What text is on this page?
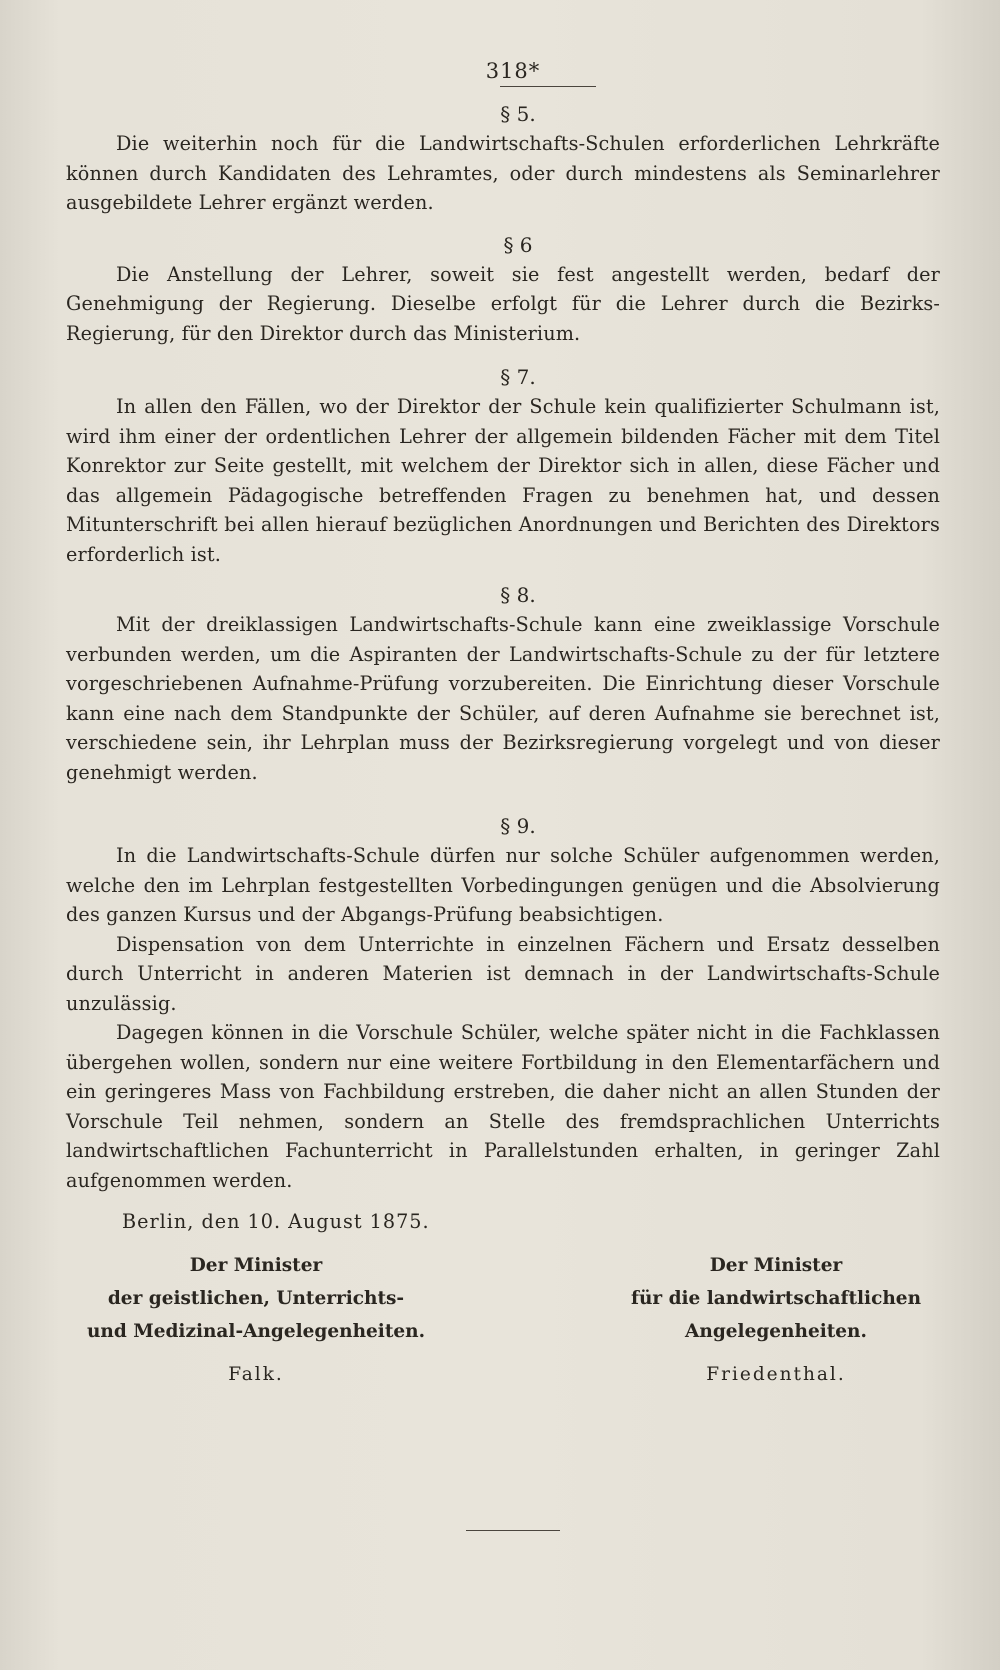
318*
§ 5.

Die weiterhin noch für die Landwirtschafts-Schulen erforderlichen Lehrkräfte können durch Kandidaten des Lehramtes, oder durch mindestens als Seminarlehrer ausgebildete Lehrer ergänzt werden.

§ 6

Die Anstellung der Lehrer, soweit sie fest angestellt werden, bedarf der Genehmigung der Regierung. Dieselbe erfolgt für die Lehrer durch die Bezirks-Regierung, für den Direktor durch das Ministerium.

§ 7.

In allen den Fällen, wo der Direktor der Schule kein qualifizierter Schulmann ist, wird ihm einer der ordentlichen Lehrer der allgemein bildenden Fächer mit dem Titel Konrektor zur Seite gestellt, mit welchem der Direktor sich in allen, diese Fächer und das allgemein Pädagogische betreffenden Fragen zu benehmen hat, und dessen Mitunterschrift bei allen hierauf bezüglichen Anordnungen und Berichten des Direktors erforderlich ist.

§ 8.

Mit der dreiklassigen Landwirtschafts-Schule kann eine zweiklassige Vorschule verbunden werden, um die Aspiranten der Landwirtschafts-Schule zu der für letztere vorgeschriebenen Aufnahme-Prüfung vorzubereiten. Die Einrichtung dieser Vorschule kann eine nach dem Standpunkte der Schüler, auf deren Aufnahme sie berechnet ist, verschiedene sein, ihr Lehrplan muss der Bezirksregierung vorgelegt und von dieser genehmigt werden.

§ 9.

In die Landwirtschafts-Schule dürfen nur solche Schüler aufgenommen werden, welche den im Lehrplan festgestellten Vorbedingungen genügen und die Absolvierung des ganzen Kursus und der Abgangs-Prüfung beabsichtigen.

Dispensation von dem Unterrichte in einzelnen Fächern und Ersatz desselben durch Unterricht in anderen Materien ist demnach in der Landwirtschafts-Schule unzulässig.

Dagegen können in die Vorschule Schüler, welche später nicht in die Fachklassen übergehen wollen, sondern nur eine weitere Fortbildung in den Elementarfächern und ein geringeres Mass von Fachbildung erstreben, die daher nicht an allen Stunden der Vorschule Teil nehmen, sondern an Stelle des fremdsprachlichen Unterrichts landwirtschaftlichen Fachunterricht in Parallelstunden erhalten, in geringer Zahl aufgenommen werden.

Berlin, den 10. August 1875.
Der Minister
der geistlichen, Unterrichts-
und Medizinal-Angelegenheiten.
Falk.
Der Minister
für die landwirtschaftlichen
Angelegenheiten.
Friedenthal.
